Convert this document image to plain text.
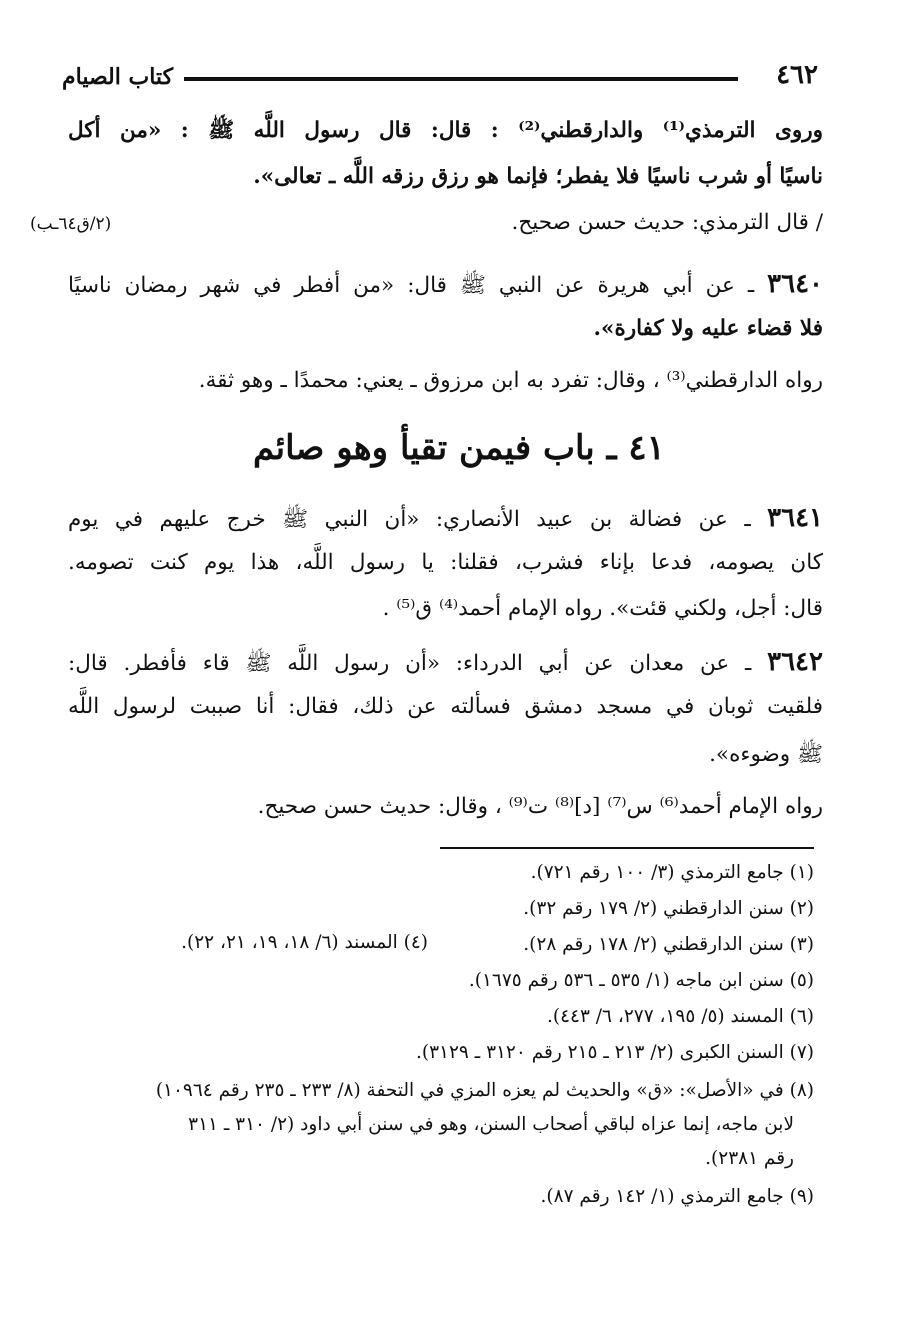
٤٦٢
كتاب الصيام
وروى الترمذي⁽¹⁾ والدارقطني⁽²⁾ : قال: قال رسول اللَّه ﷺ : «من أكل
ناسيًا أو شرب ناسيًا فلا يفطر؛ فإنما هو رزق رزقه اللَّه ـ تعالى».
/ قال الترمذي: حديث حسن صحيح.
(٢/ق٦٤ـب)
٣٦٤٠ ـ عن أبي هريرة عن النبي ﷺ قال: «من أفطر في شهر رمضان ناسيًا
فلا قضاء عليه ولا كفارة».
رواه الدارقطني⁽³⁾ ، وقال: تفرد به ابن مرزوق ـ يعني: محمدًا ـ وهو ثقة.
٤١ ـ باب فيمن تقيأ وهو صائم
٣٦٤١ ـ عن فضالة بن عبيد الأنصاري: «أن النبي ﷺ خرج عليهم في يوم
كان يصومه، فدعا بإناء فشرب، فقلنا: يا رسول اللَّه، هذا يوم كنت تصومه.
قال: أجل، ولكني قئت». رواه الإمام أحمد⁽⁴⁾ ق⁽⁵⁾ .
٣٦٤٢ ـ عن معدان عن أبي الدرداء: «أن رسول اللَّه ﷺ قاء فأفطر. قال:
فلقيت ثوبان في مسجد دمشق فسألته عن ذلك، فقال: أنا صببت لرسول اللَّه
ﷺ وضوءه».
رواه الإمام أحمد⁽⁶⁾ س⁽⁷⁾ [د]⁽⁸⁾ ت⁽⁹⁾ ، وقال: حديث حسن صحيح.
(١) جامع الترمذي (٣/ ١٠٠ رقم ٧٢١).
(٢) سنن الدارقطني (٢/ ١٧٩ رقم ٣٢).
(٣) سنن الدارقطني (٢/ ١٧٨ رقم ٢٨).
(٤) المسند (٦/ ١٨، ١٩، ٢١، ٢٢).
(٥) سنن ابن ماجه (١/ ٥٣٥ ـ ٥٣٦ رقم ١٦٧٥).
(٦) المسند (٥/ ١٩٥، ٢٧٧، ٦/ ٤٤٣).
(٧) السنن الكبرى (٢/ ٢١٣ ـ ٢١٥ رقم ٣١٢٠ ـ ٣١٢٩).
(٨) في «الأصل»: «ق» والحديث لم يعزه المزي في التحفة (٨/ ٢٣٣ ـ ٢٣٥ رقم ١٠٩٦٤)
لابن ماجه، إنما عزاه لباقي أصحاب السنن، وهو في سنن أبي داود (٢/ ٣١٠ ـ ٣١١
رقم ٢٣٨١).
(٩) جامع الترمذي (١/ ١٤٢ رقم ٨٧).
